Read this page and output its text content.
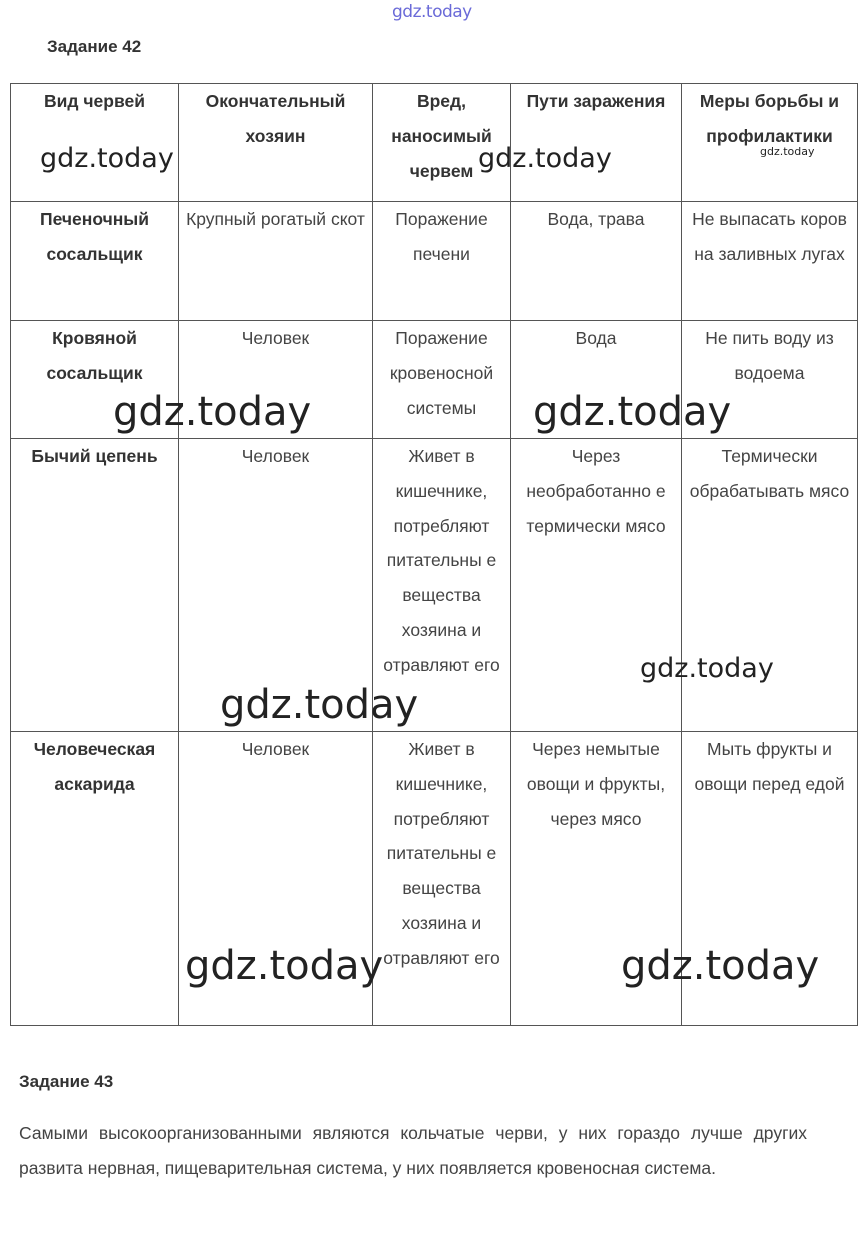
gdz.today
Задание 42
Вид червей	Окончательный хозяин	Вред, наносимый червем	Пути заражения	Меры борьбы и профилактики
Печеночный сосальщик	Крупный рогатый скот	Поражение печени	Вода, трава	Не выпасать коров на заливных лугах
Кровяной сосальщик	Человек	Поражение кровеносной системы	Вода	Не пить воду из водоема
Бычий цепень	Человек	Живет в кишечнике, потребляют питательны е вещества хозяина и отравляют его	Через необработанно е термически мясо	Термически обрабатывать мясо
Человеческая аскарида	Человек	Живет в кишечнике, потребляют питательны е вещества хозяина и отравляют его	Через немытые овощи и фрукты, через мясо	Мыть фрукты и овощи перед едой
gdz.today	gdz.today	gdz.today
gdz.today	gdz.today
gdz.today
gdz.today
gdz.today	gdz.today
Задание 43
Самыми высокоорганизованными являются кольчатые черви, у них гораздо лучше других развита нервная, пищеварительная система, у них появляется кровеносная система.
